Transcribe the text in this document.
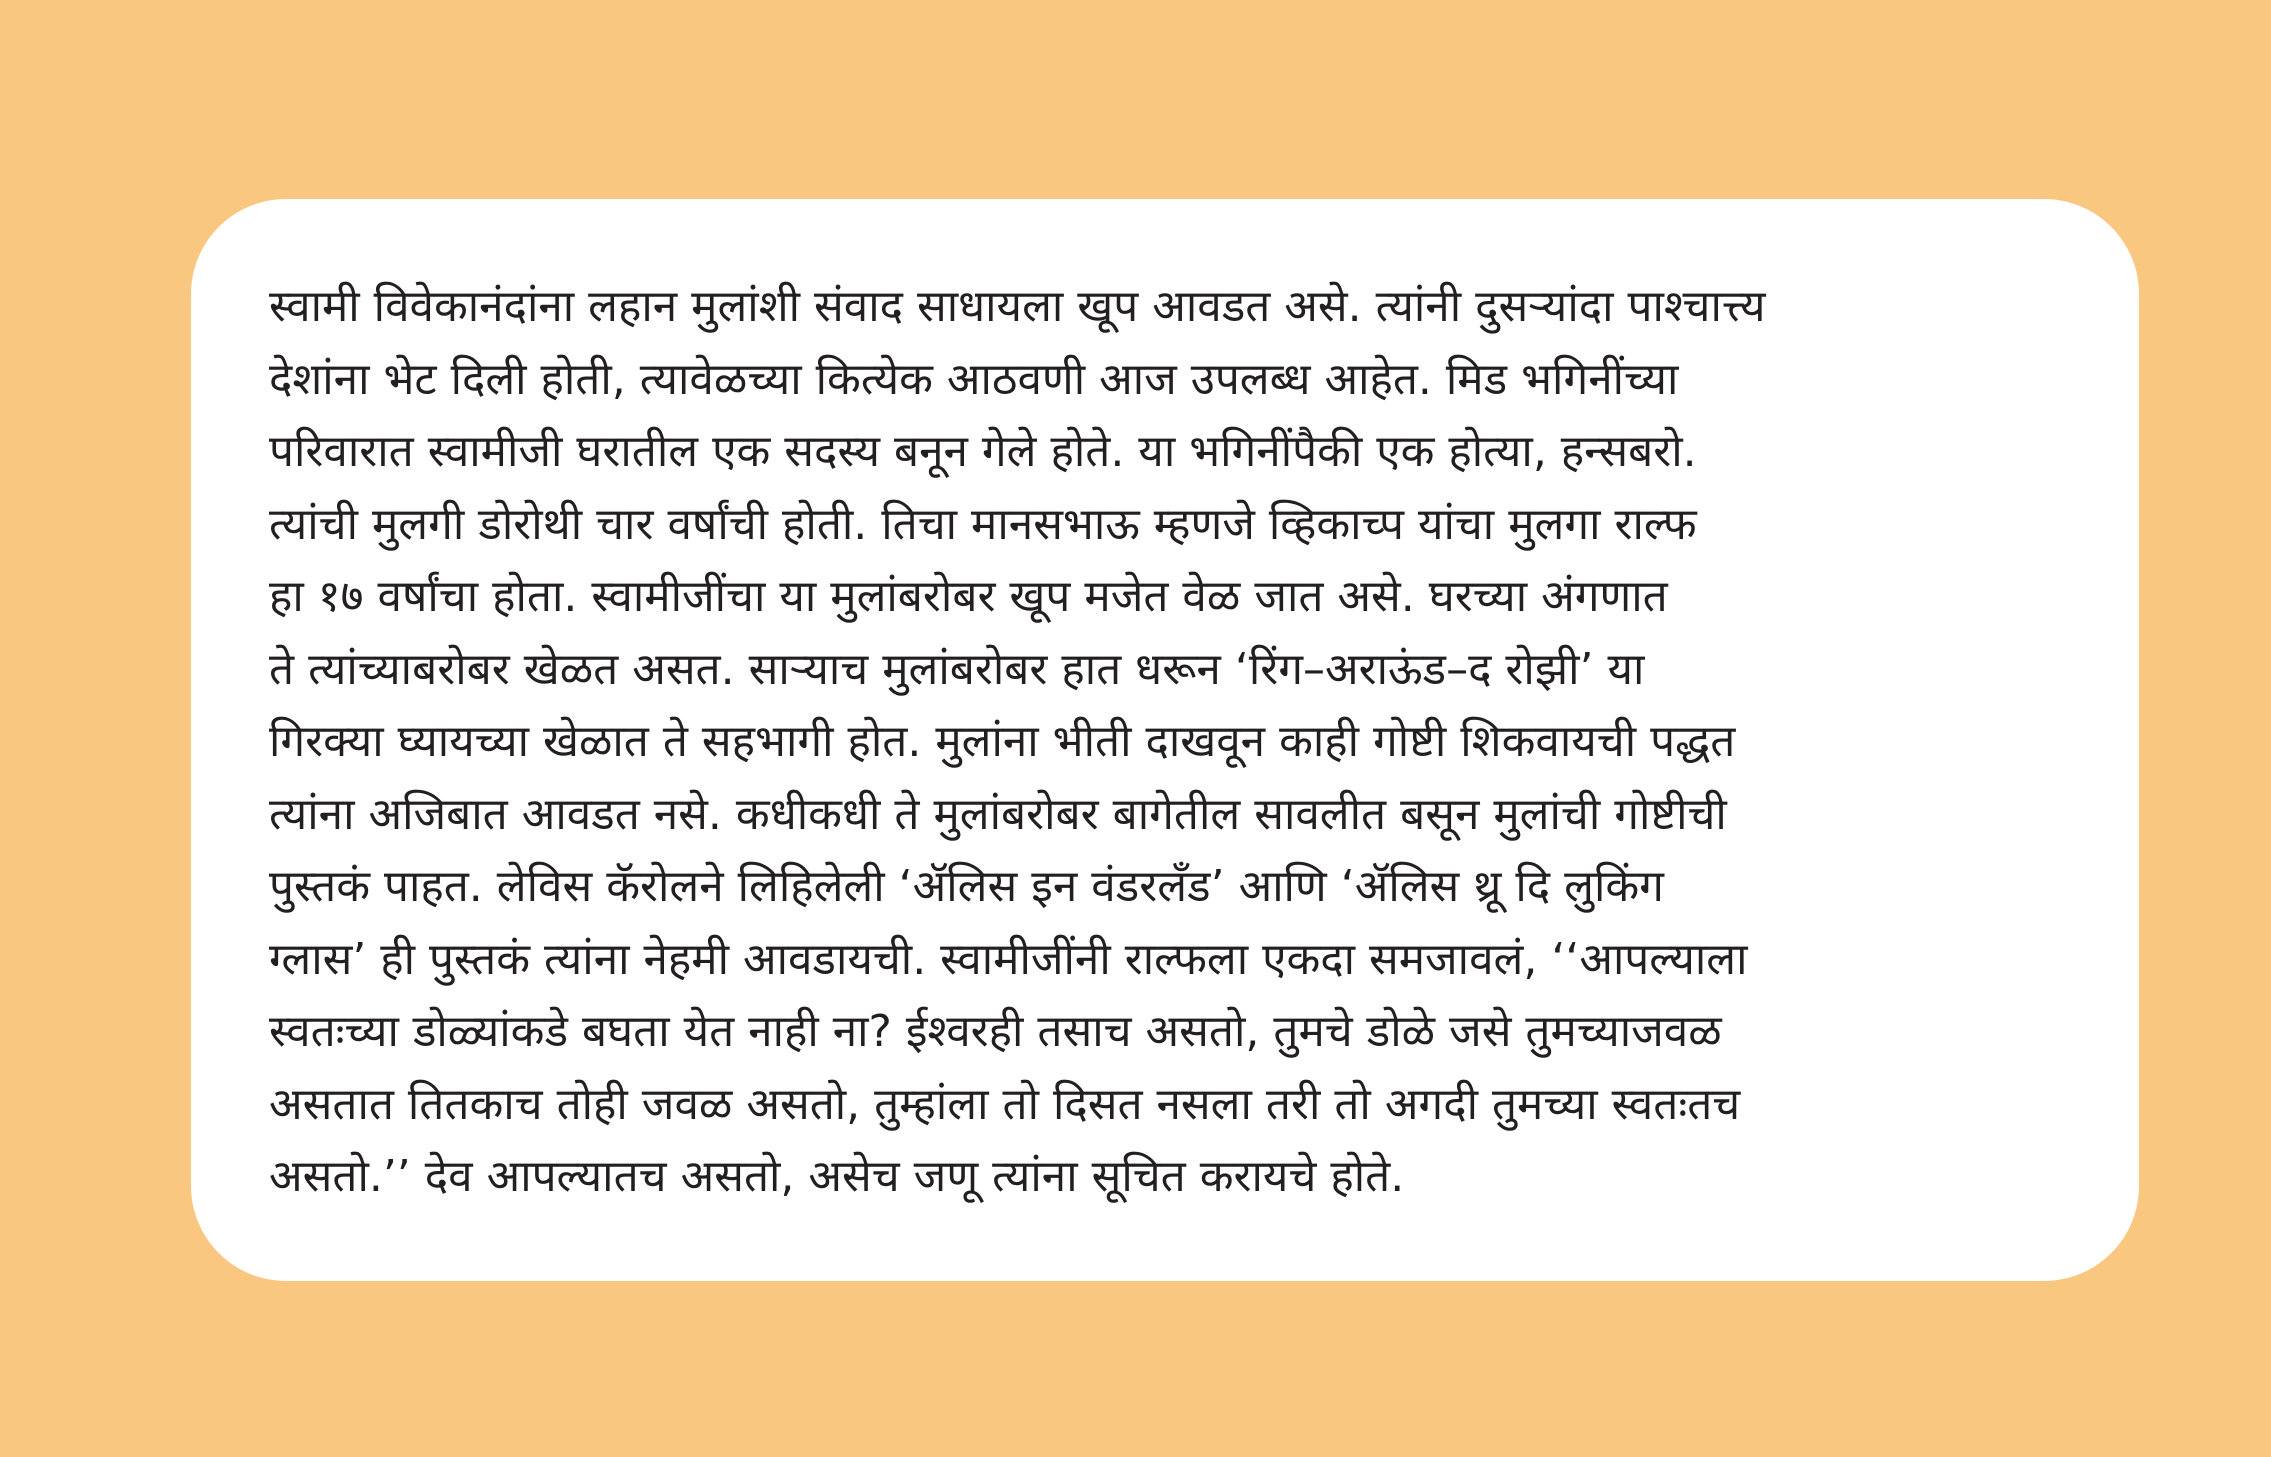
स्वामी विवेकानंदांना लहान मुलांशी संवाद साधायला खूप आवडत असे. त्यांनी दुसऱ्यांदा पाश्चात्त्य
देशांना भेट दिली होती, त्यावेळच्या कित्येक आठवणी आज उपलब्ध आहेत. मिड भगिनींच्या
परिवारात स्वामीजी घरातील एक सदस्य बनून गेले होते. या भगिनींपैकी एक होत्या, हन्सबरो.
त्यांची मुलगी डोरोथी चार वर्षांची होती. तिचा मानसभाऊ म्हणजे व्हिकाच्प यांचा मुलगा राल्फ
हा १७ वर्षांचा होता. स्वामीजींचा या मुलांबरोबर खूप मजेत वेळ जात असे. घरच्या अंगणात
ते त्यांच्याबरोबर खेळत असत. साऱ्याच मुलांबरोबर हात धरून ‘रिंग–अराऊंड–द रोझी’ या
गिरक्या घ्यायच्या खेळात ते सहभागी होत. मुलांना भीती दाखवून काही गोष्टी शिकवायची पद्धत
त्यांना अजिबात आवडत नसे. कधीकधी ते मुलांबरोबर बागेतील सावलीत बसून मुलांची गोष्टीची
पुस्तकं पाहत. लेविस कॅरोलने लिहिलेली ‘ॲलिस इन वंडरलँड’ आणि ‘ॲलिस थ्रू दि लुकिंग
ग्लास’ ही पुस्तकं त्यांना नेहमी आवडायची. स्वामीजींनी राल्फला एकदा समजावलं, ‘‘आपल्याला
स्वतःच्या डोळ्यांकडे बघता येत नाही ना? ईश्वरही तसाच असतो, तुमचे डोळे जसे तुमच्याजवळ
असतात तितकाच तोही जवळ असतो, तुम्हांला तो दिसत नसला तरी तो अगदी तुमच्या स्वतःतच
असतो.’’ देव आपल्यातच असतो, असेच जणू त्यांना सूचित करायचे होते.
